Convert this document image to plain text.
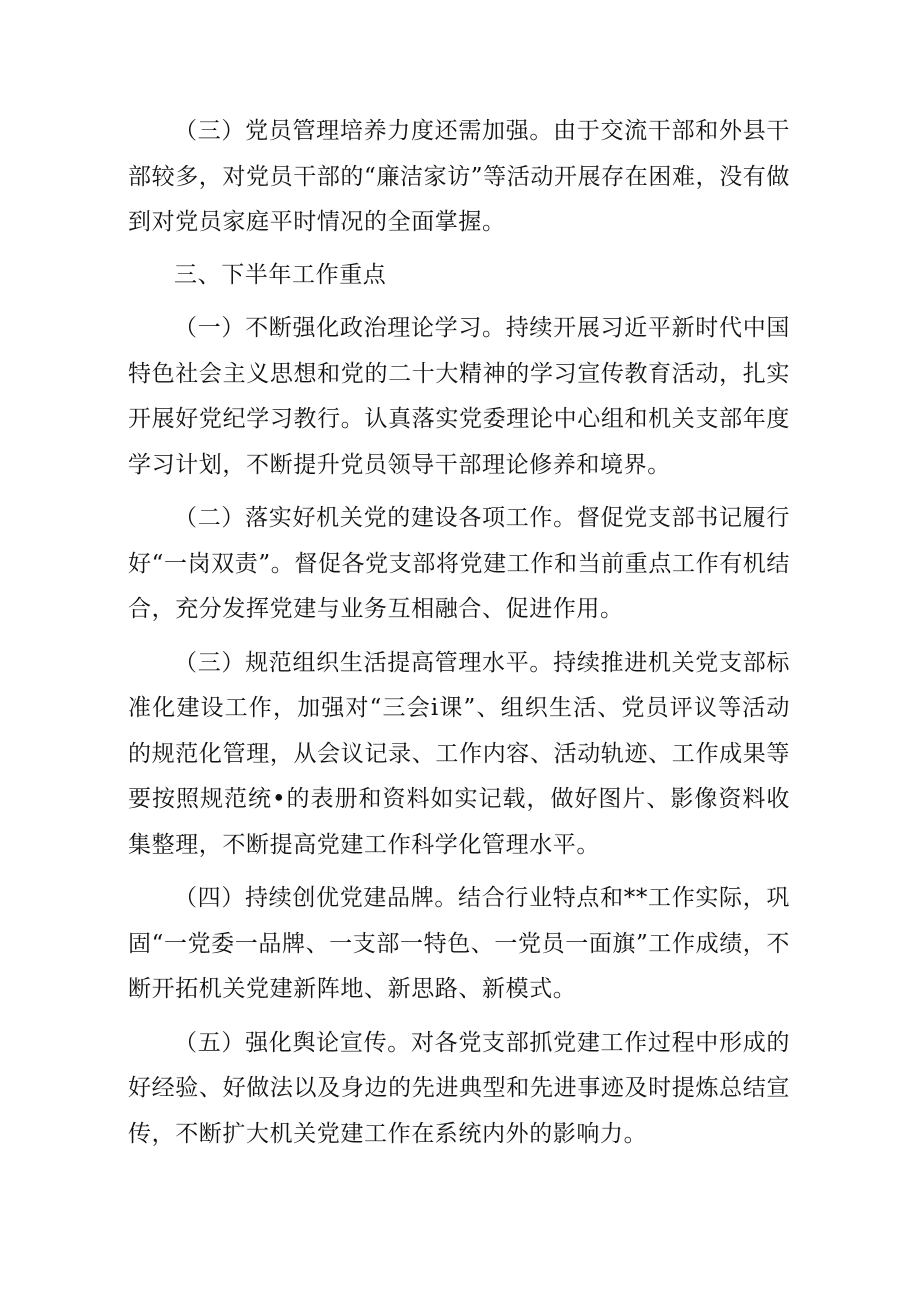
（三）党员管理培养力度还需加强。由于交流干部和外县干部较多，对党员干部的“廉洁家访”等活动开展存在困难，没有做到对党员家庭平时情况的全面掌握。

三、下半年工作重点

（一）不断强化政治理论学习。持续开展习近平新时代中国特色社会主义思想和党的二十大精神的学习宣传教育活动，扎实开展好党纪学习教行。认真落实党委理论中心组和机关支部年度学习计划，不断提升党员领导干部理论修养和境界。

（二）落实好机关党的建设各项工作。督促党支部书记履行好“一岗双责”。督促各党支部将党建工作和当前重点工作有机结合，充分发挥党建与业务互相融合、促进作用。

（三）规范组织生活提高管理水平。持续推进机关党支部标准化建设工作，加强对“三会i课”、组织生活、党员评议等活动的规范化管理，从会议记录、工作内容、活动轨迹、工作成果等要按照规范统•的表册和资料如实记载，做好图片、影像资料收集整理，不断提高党建工作科学化管理水平。

（四）持续创优党建品牌。结合行业特点和**工作实际，巩固“一党委一品牌、一支部一特色、一党员一面旗”工作成绩，不断开拓机关党建新阵地、新思路、新模式。

（五）强化舆论宣传。对各党支部抓党建工作过程中形成的好经验、好做法以及身边的先进典型和先进事迹及时提炼总结宣传，不断扩大机关党建工作在系统内外的影响力。
